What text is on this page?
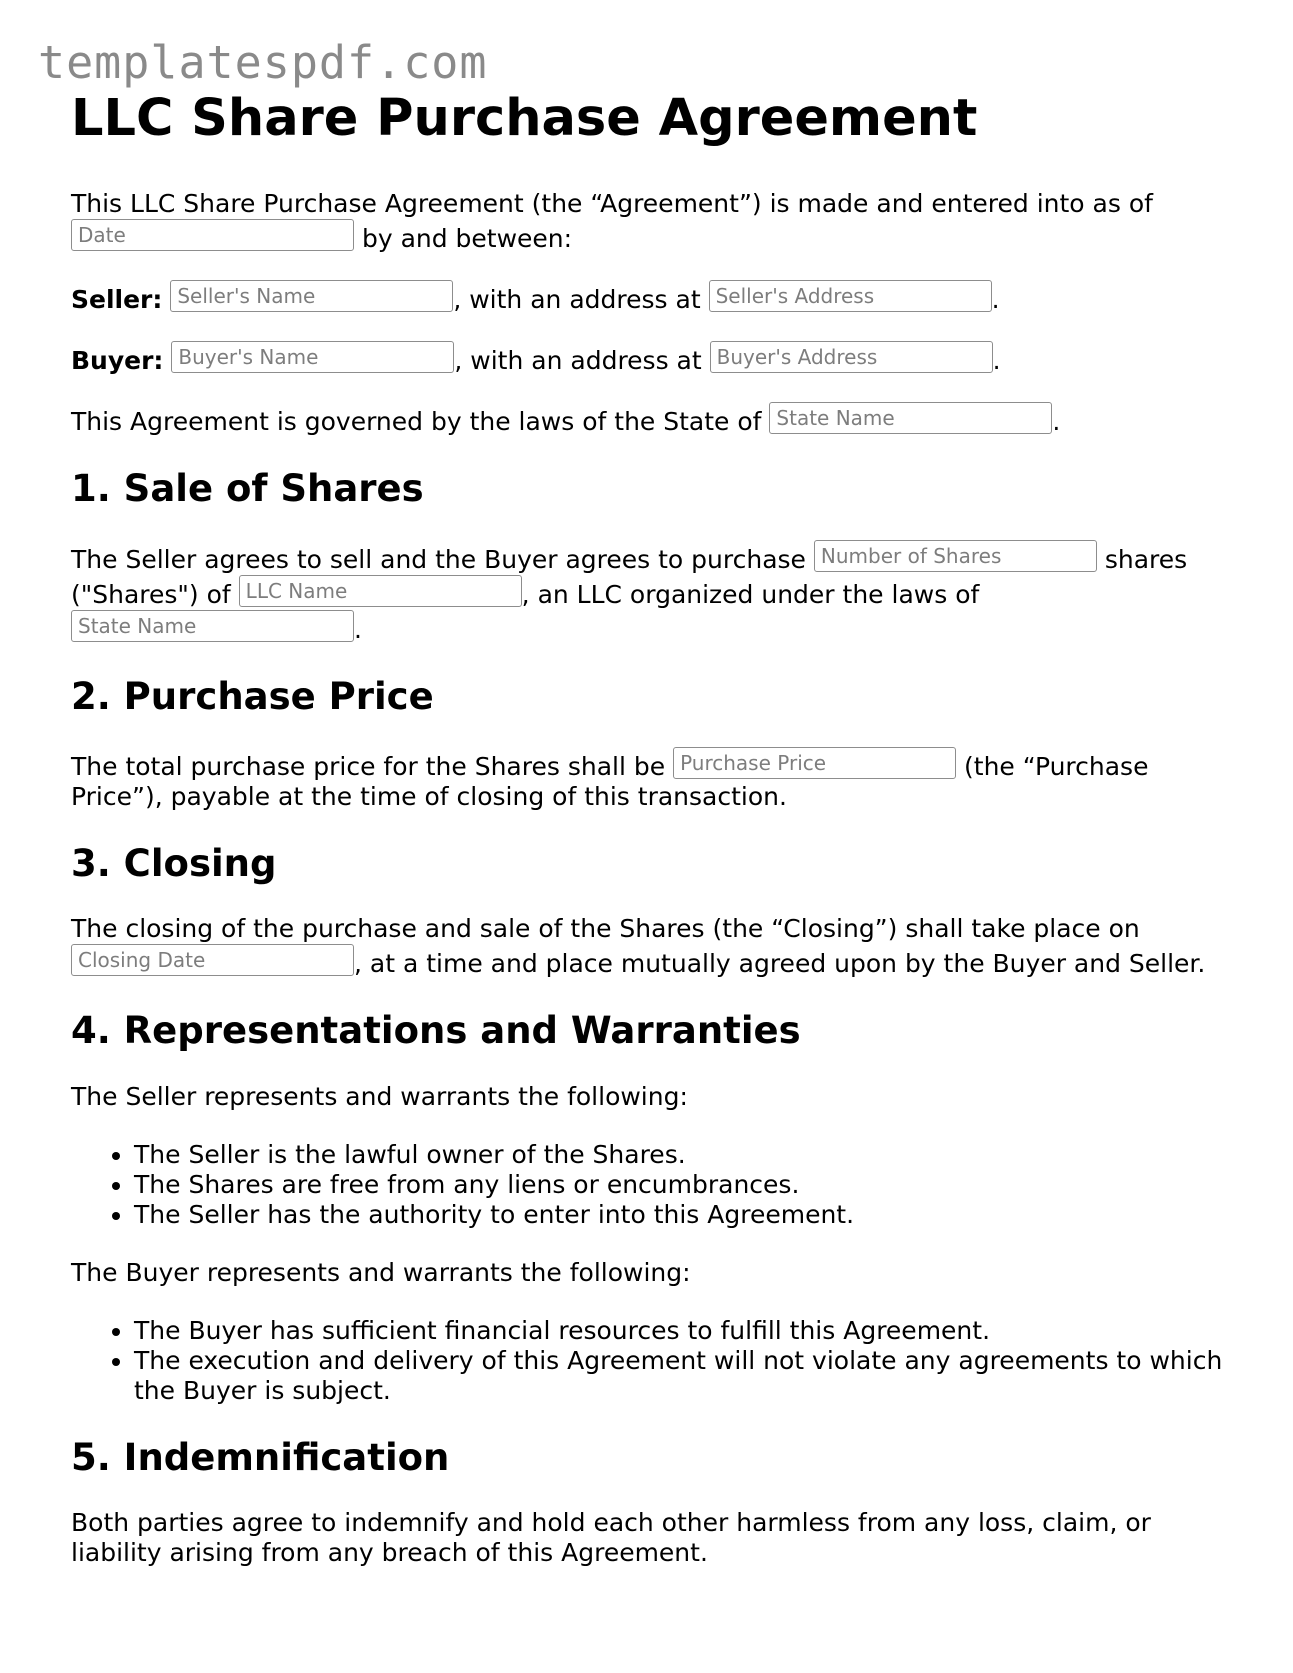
templatespdf.com
LLC Share Purchase Agreement

This LLC Share Purchase Agreement (the “Agreement”) is made and entered into as of Date	by and between:

Seller: Seller's Name	, with an address at Seller's Address	.

Buyer: Buyer's Name	, with an address at Buyer's Address	.

This Agreement is governed by the laws of the State of State Name	.

1. Sale of Shares

The Seller agrees to sell and the Buyer agrees to purchase Number of Shares	shares ("Shares") of LLC Name	, an LLC organized under the laws of State Name	.

2. Purchase Price

The total purchase price for the Shares shall be Purchase Price	(the “Purchase Price”), payable at the time of closing of this transaction.

3. Closing

The closing of the purchase and sale of the Shares (the “Closing”) shall take place on Closing Date	, at a time and place mutually agreed upon by the Buyer and Seller.

4. Representations and Warranties

The Seller represents and warrants the following:

• The Seller is the lawful owner of the Shares.
• The Shares are free from any liens or encumbrances.
• The Seller has the authority to enter into this Agreement.

The Buyer represents and warrants the following:

• The Buyer has sufficient financial resources to fulfill this Agreement.
• The execution and delivery of this Agreement will not violate any agreements to which the Buyer is subject.
5. Indemnification

Both parties agree to indemnify and hold each other harmless from any loss, claim, or liability arising from any breach of this Agreement.
